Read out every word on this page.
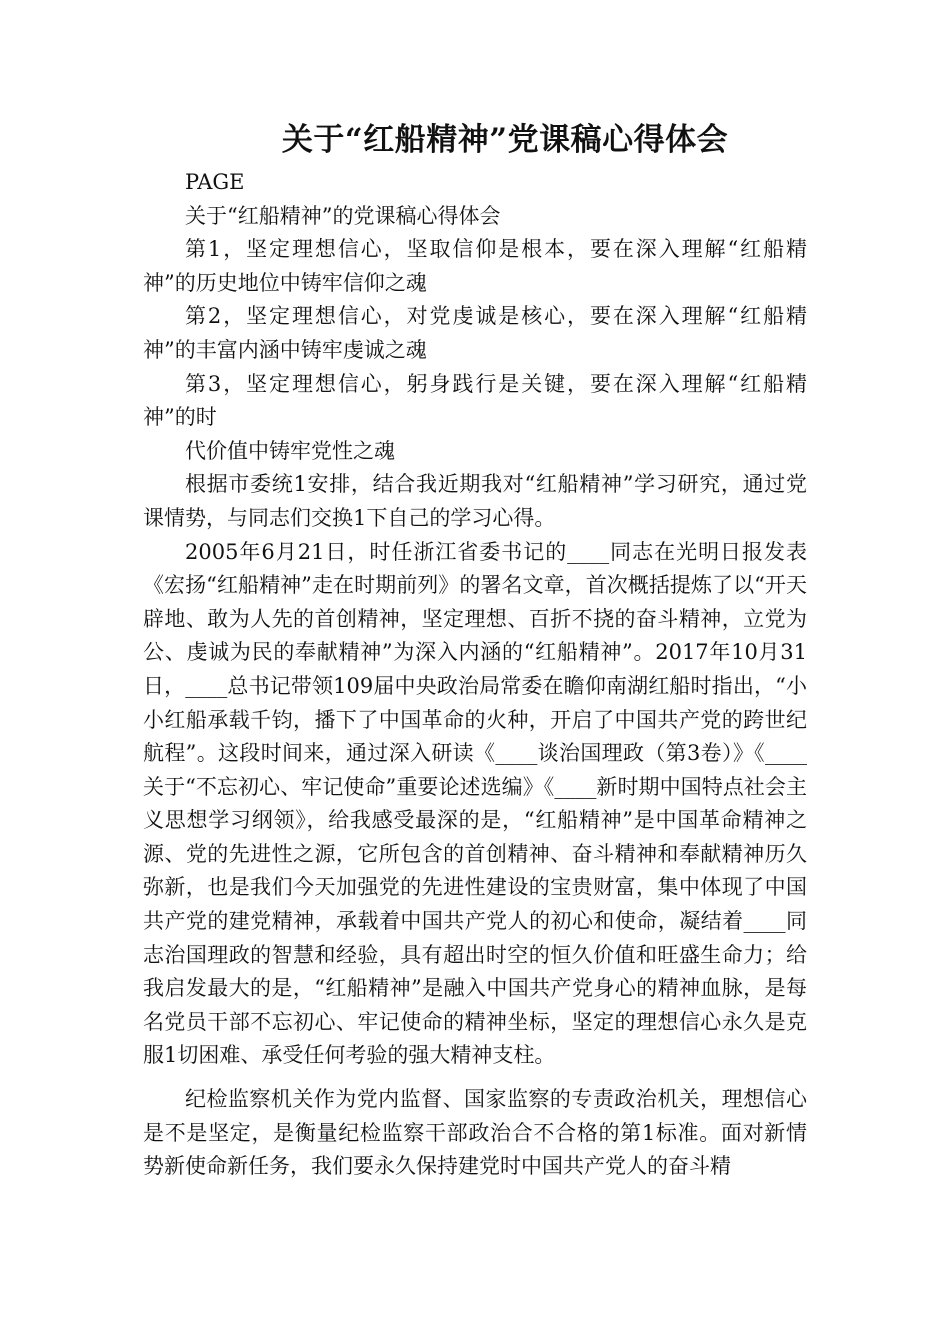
关于“红船精神”党课稿心得体会

PAGE

关于“红船精神”的党课稿心得体会

第1，坚定理想信心，坚取信仰是根本，要在深入理解“红船精神”的历史地位中铸牢信仰之魂

第2，坚定理想信心，对党虔诚是核心，要在深入理解“红船精神”的丰富内涵中铸牢虔诚之魂

第3，坚定理想信心，躬身践行是关键，要在深入理解“红船精神”的时

代价值中铸牢党性之魂

根据市委统1安排，结合我近期我对“红船精神”学习研究，通过党课情势，与同志们交换1下自己的学习心得。

2005年6月21日，时任浙江省委书记的____同志在光明日报发表《宏扬“红船精神”走在时期前列》的署名文章，首次概括提炼了以“开天辟地、敢为人先的首创精神，坚定理想、百折不挠的奋斗精神，立党为公、虔诚为民的奉献精神”为深入内涵的“红船精神”。2017年10月31日，____总书记带领109届中央政治局常委在瞻仰南湖红船时指出，“小小红船承载千钧，播下了中国革命的火种，开启了中国共产党的跨世纪航程”。这段时间来，通过深入研读《____谈治国理政（第3卷）》《____关于“不忘初心、牢记使命”重要论述选编》《____新时期中国特点社会主义思想学习纲领》，给我感受最深的是，“红船精神”是中国革命精神之源、党的先进性之源，它所包含的首创精神、奋斗精神和奉献精神历久弥新，也是我们今天加强党的先进性建设的宝贵财富，集中体现了中国共产党的建党精神，承载着中国共产党人的初心和使命，凝结着____同志治国理政的智慧和经验，具有超出时空的恒久价值和旺盛生命力；给我启发最大的是，“红船精神”是融入中国共产党身心的精神血脉，是每名党员干部不忘初心、牢记使命的精神坐标，坚定的理想信心永久是克服1切困难、承受任何考验的强大精神支柱。

纪检监察机关作为党内监督、国家监察的专责政治机关，理想信心是不是坚定，是衡量纪检监察干部政治合不合格的第1标准。面对新情势新使命新任务，我们要永久保持建党时中国共产党人的奋斗精
